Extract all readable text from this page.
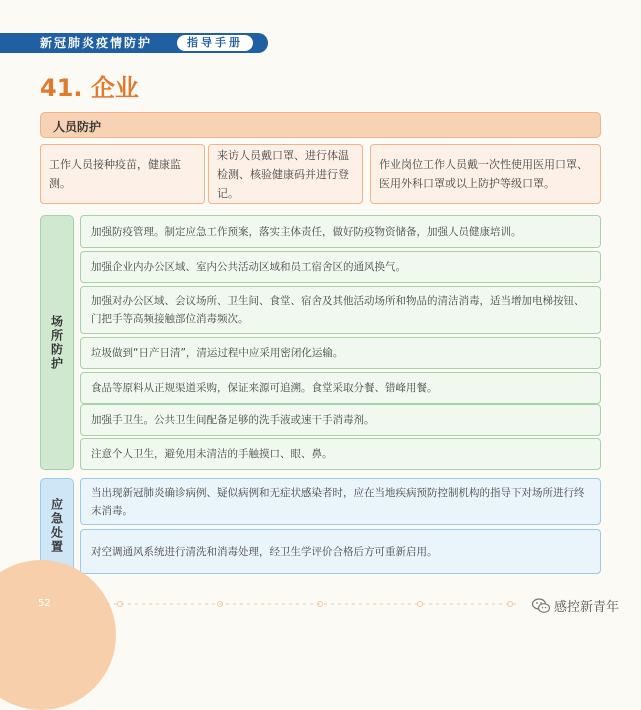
新冠肺炎疫情防护	指导手册
41. 企业
人员防护
工作人员接种疫苗，健康监测。
来访人员戴口罩、进行体温检测、核验健康码并进行登记。
作业岗位工作人员戴一次性使用医用口罩、医用外科口罩或以上防护等级口罩。
场所防护
加强防疫管理。制定应急工作预案，落实主体责任，做好防疫物资储备，加强人员健康培训。
加强企业内办公区域、室内公共活动区域和员工宿舍区的通风换气。
加强对办公区域、会议场所、卫生间、食堂、宿舍及其他活动场所和物品的清洁消毒，适当增加电梯按钮、门把手等高频接触部位消毒频次。
垃圾做到“日产日清”，清运过程中应采用密闭化运输。
食品等原料从正规渠道采购，保证来源可追溯。食堂采取分餐、错峰用餐。
加强手卫生。公共卫生间配备足够的洗手液或速干手消毒剂。
注意个人卫生，避免用未清洁的手触摸口、眼、鼻。
应急处置
当出现新冠肺炎确诊病例、疑似病例和无症状感染者时，应在当地疾病预防控制机构的指导下对场所进行终末消毒。
对空调通风系统进行清洗和消毒处理，经卫生学评价合格后方可重新启用。
52	感控新青年
